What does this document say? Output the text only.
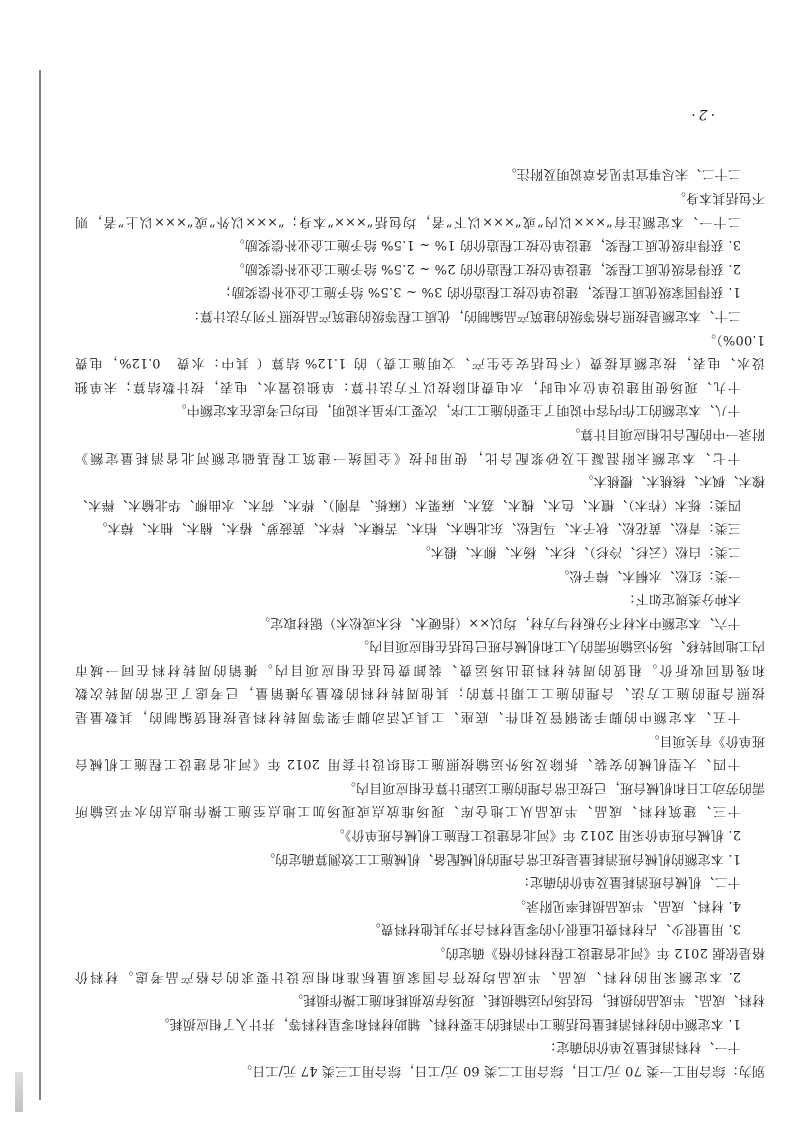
别为：综合用工一类 70 元/工日，综合用工二类 60 元/工日，综合用工三类 47 元/工日。
十一、材料消耗量及单价的确定：
1. 本定额中的材料消耗量包括施工中消耗的主要材料、辅助材料和零星材料等，并计入了相应损耗。
材料、成品、半成品的损耗，包括场内运输损耗、现场存放损耗和施工操作损耗。
2. 本定额采用的材料、成品、半成品均按符合国家质量标准和相应设计要求的合格产品考虑。材料价
格是依据 2012 年《河北省建设工程材料价格》确定的。
3. 用量很少、占材料费比重很小的零星材料合并为其他材料费。
4. 材料、成品、半成品损耗率见附录。
十二、机械台班消耗量及单价的确定：
1. 本定额的机械台班消耗量是按正常合理的机械配备、机械施工工效测算确定的。
2. 机械台班单价采用 2012 年《河北省建设工程施工机械台班单价》。
十三、建筑材料、成品、半成品从工地仓库、现场堆放点或现场加工地点至施工操作地点的水平运输所
需的劳动工日和机械台班，已按正常合理的施工运距计算在相应项目内。
十四、大型机械的安装、拆除及场外运输按照施工组织设计套用 2012 年《河北省建设工程施工机械台
班单价》有关项目。
十五、本定额中的脚手架钢管及扣件、底座、工具式活动脚手架等周转材料是按租赁编制的，其数量是
按照合理的施工方法、合理的施工工期计算的；其他周转材料的数量为摊销量，已考虑了正常的周转次数
和残值回收折价。租赁的周转材料进出场运费、装卸费包括在相应项目内。摊销的周转材料在同一城市
内工地间转移、场外运输所需的人工和机械台班已包括在相应项目内。
十六、本定额中木材不分板材与方材，均以××（指硬木、杉木或松木）锯材取定。
木种分类规定如下：
一类：红松、水桐木、樟子松。
二类：白松（云杉、冷杉）、杉木、杨木、柳木、椴木。
三类：青松、黄花松、秋子木、马尾松、东北榆木、柏木、苦楝木、梓木、黄菠萝、椿木、楠木、柚木、樟木。
四类：栎木（柞木）、檀木、色木、槐木、荔木、麻栗木（麻栎、青刚）、桦木、荷木、水曲柳、华北榆木、榉木、
橡木、枫木、核桃木、樱桃木。
十七、本定额未附混凝土及砂浆配合比，使用时按《全国统一建筑工程基础定额河北省消耗量定额》
附录一中的配合比相应项目计算。
十八、本定额的工作内容中说明了主要的施工工序，次要工序虽未说明，但均已考虑在本定额中。
十九、现场使用建设单位水电时，水电费扣除按以下方法计算：单独设置水、电表，按计数结算；未单独
设水、电表，按定额直接费（不包括安全生产、文明施工费）的 1.12% 结算（ 其中：水费　0.12%，电费
1.00%）。
二十、本定额是按照合格等级的建筑产品编制的，优质工程等级的建筑产品按照下列方法计算：
1. 获得国家级优质工程奖，建设单位按工程造价的 3% ~ 3.5% 给予施工企业补偿奖励；
2. 获得省级优质工程奖，建设单位按工程造价的 2% ~ 2.5% 给予施工企业补偿奖励。
3. 获得市级优质工程奖，建设单位按工程造价的 1% ~ 1.5% 给予施工企业补偿奖励。
二十一、本定额注有“×××以内”或“×××以下”者，均包括“×××”本身；“×××以外”或“×××以上”者，则
不包括其本身。
二十二、未尽事宜详见各章说明及附注。
·2·
